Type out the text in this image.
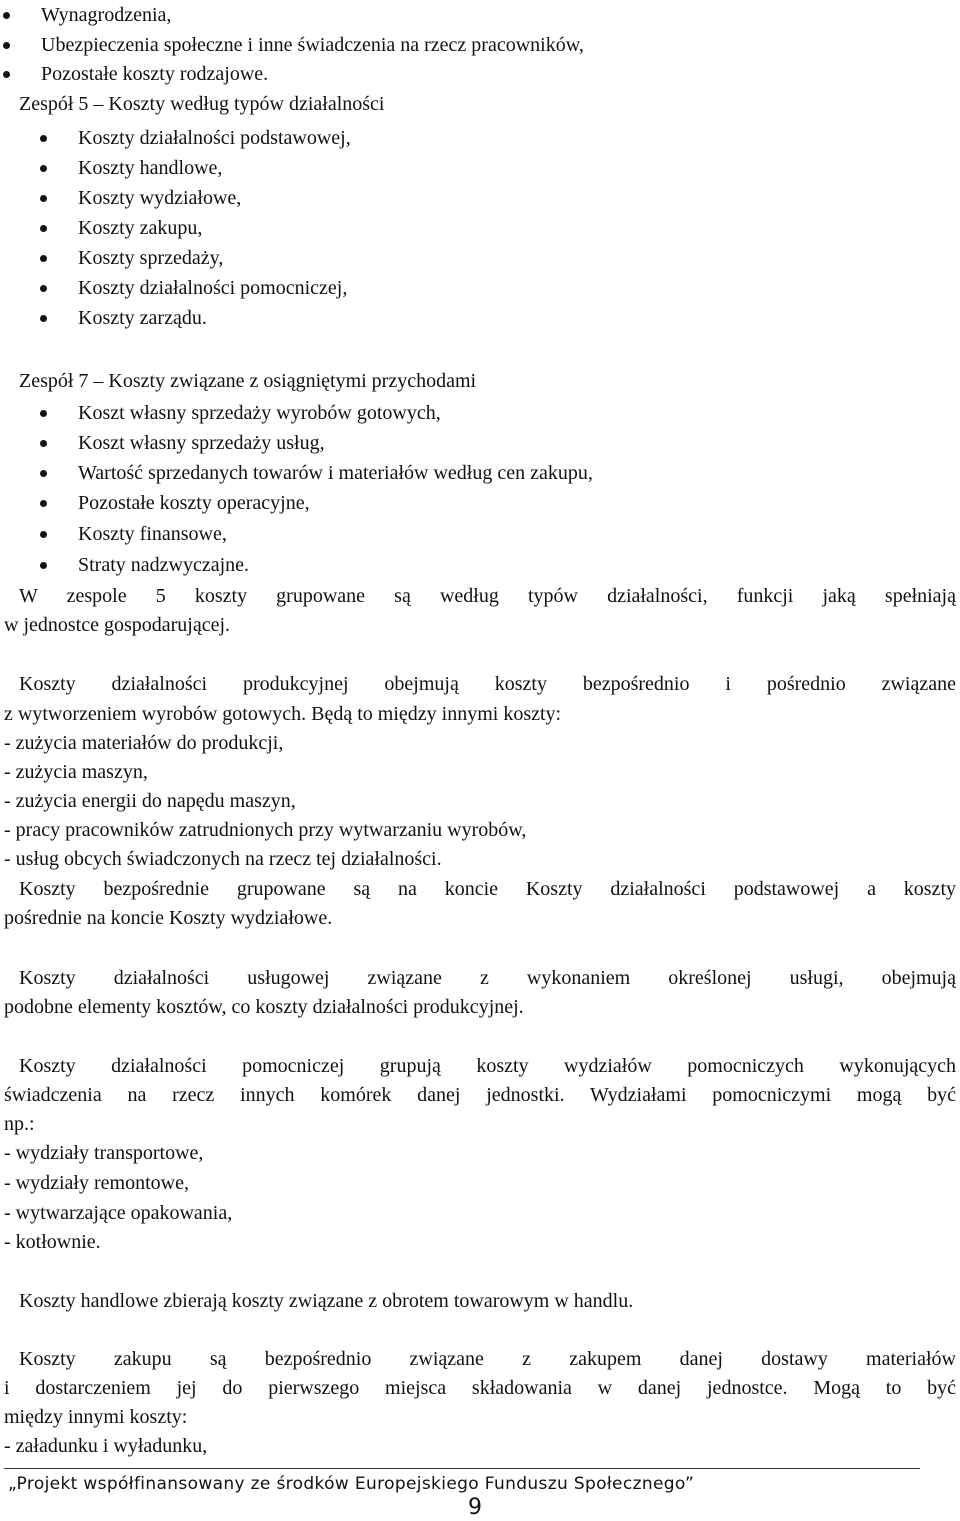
Wynagrodzenia,
Ubezpieczenia społeczne i inne świadczenia na rzecz pracowników,
Pozostałe koszty rodzajowe.
Zespół 5 – Koszty według typów działalności
Koszty działalności podstawowej,
Koszty handlowe,
Koszty wydziałowe,
Koszty zakupu,
Koszty sprzedaży,
Koszty działalności pomocniczej,
Koszty zarządu.
Zespół 7 – Koszty związane z osiągniętymi przychodami
Koszt własny sprzedaży wyrobów gotowych,
Koszt własny sprzedaży usług,
Wartość sprzedanych towarów i materiałów według cen zakupu,
Pozostałe koszty operacyjne,
Koszty finansowe,
Straty nadzwyczajne.
W zespole 5 koszty grupowane są według typów działalności, funkcji jaką spełniają
w jednostce gospodarującej.
Koszty działalności produkcyjnej obejmują koszty bezpośrednio i pośrednio związane
z wytworzeniem wyrobów gotowych. Będą to między innymi koszty:
- zużycia materiałów do produkcji,
- zużycia maszyn,
- zużycia energii do napędu maszyn,
- pracy pracowników zatrudnionych przy wytwarzaniu wyrobów,
- usług obcych świadczonych na rzecz tej działalności.
Koszty bezpośrednie grupowane są na koncie Koszty działalności podstawowej a koszty
pośrednie na koncie Koszty wydziałowe.
Koszty działalności usługowej związane z wykonaniem określonej usługi, obejmują
podobne elementy kosztów, co koszty działalności produkcyjnej.
Koszty działalności pomocniczej grupują koszty wydziałów pomocniczych wykonujących
świadczenia na rzecz innych komórek danej jednostki. Wydziałami pomocniczymi mogą być
np.:
- wydziały transportowe,
- wydziały remontowe,
- wytwarzające opakowania,
- kotłownie.
Koszty handlowe zbierają koszty związane z obrotem towarowym w handlu.
Koszty zakupu są bezpośrednio związane z zakupem danej dostawy materiałów
i dostarczeniem jej do pierwszego miejsca składowania w danej jednostce. Mogą to być
między innymi koszty:
- załadunku i wyładunku,
„Projekt współfinansowany ze środków Europejskiego Funduszu Społecznego”
9
